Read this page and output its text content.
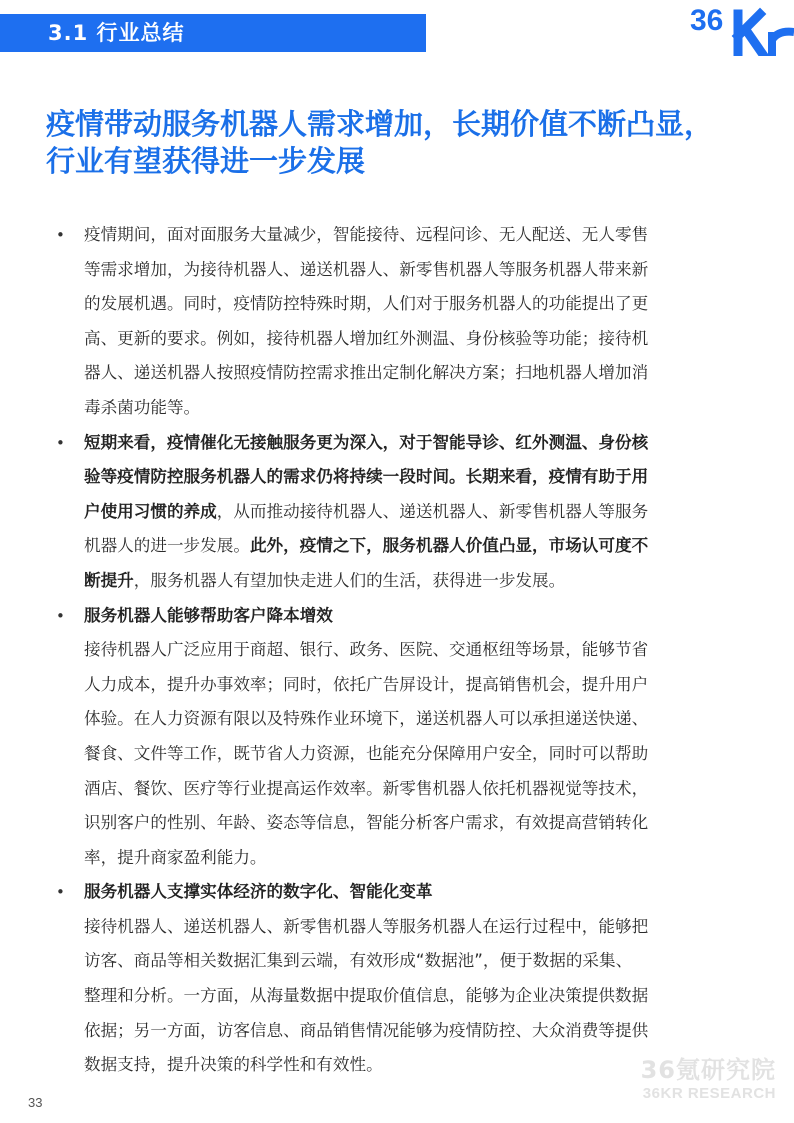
3.1 行业总结	36
疫情带动服务机器人需求增加，长期价值不断凸显，
行业有望获得进一步发展
• 疫情期间，面对面服务大量减少，智能接待、远程问诊、无人配送、无人零售
等需求增加，为接待机器人、递送机器人、新零售机器人等服务机器人带来新
的发展机遇。同时，疫情防控特殊时期，人们对于服务机器人的功能提出了更
高、更新的要求。例如，接待机器人增加红外测温、身份核验等功能；接待机
器人、递送机器人按照疫情防控需求推出定制化解决方案；扫地机器人增加消
毒杀菌功能等。
• 短期来看，疫情催化无接触服务更为深入，对于智能导诊、红外测温、身份核
验等疫情防控服务机器人的需求仍将持续一段时间。长期来看，疫情有助于用
户使用习惯的养成，从而推动接待机器人、递送机器人、新零售机器人等服务
机器人的进一步发展。此外，疫情之下，服务机器人价值凸显，市场认可度不
断提升，服务机器人有望加快走进人们的生活，获得进一步发展。
• 服务机器人能够帮助客户降本增效
接待机器人广泛应用于商超、银行、政务、医院、交通枢纽等场景，能够节省
人力成本，提升办事效率；同时，依托广告屏设计，提高销售机会，提升用户
体验。在人力资源有限以及特殊作业环境下，递送机器人可以承担递送快递、
餐食、文件等工作，既节省人力资源，也能充分保障用户安全，同时可以帮助
酒店、餐饮、医疗等行业提高运作效率。新零售机器人依托机器视觉等技术，
识别客户的性别、年龄、姿态等信息，智能分析客户需求，有效提高营销转化
率，提升商家盈利能力。
• 服务机器人支撑实体经济的数字化、智能化变革
接待机器人、递送机器人、新零售机器人等服务机器人在运行过程中，能够把
访客、商品等相关数据汇集到云端，有效形成“数据池”，便于数据的采集、
整理和分析。一方面，从海量数据中提取价值信息，能够为企业决策提供数据
依据；另一方面，访客信息、商品销售情况能够为疫情防控、大众消费等提供
数据支持，提升决策的科学性和有效性。
33
36氪研究院
36KR RESEARCH
